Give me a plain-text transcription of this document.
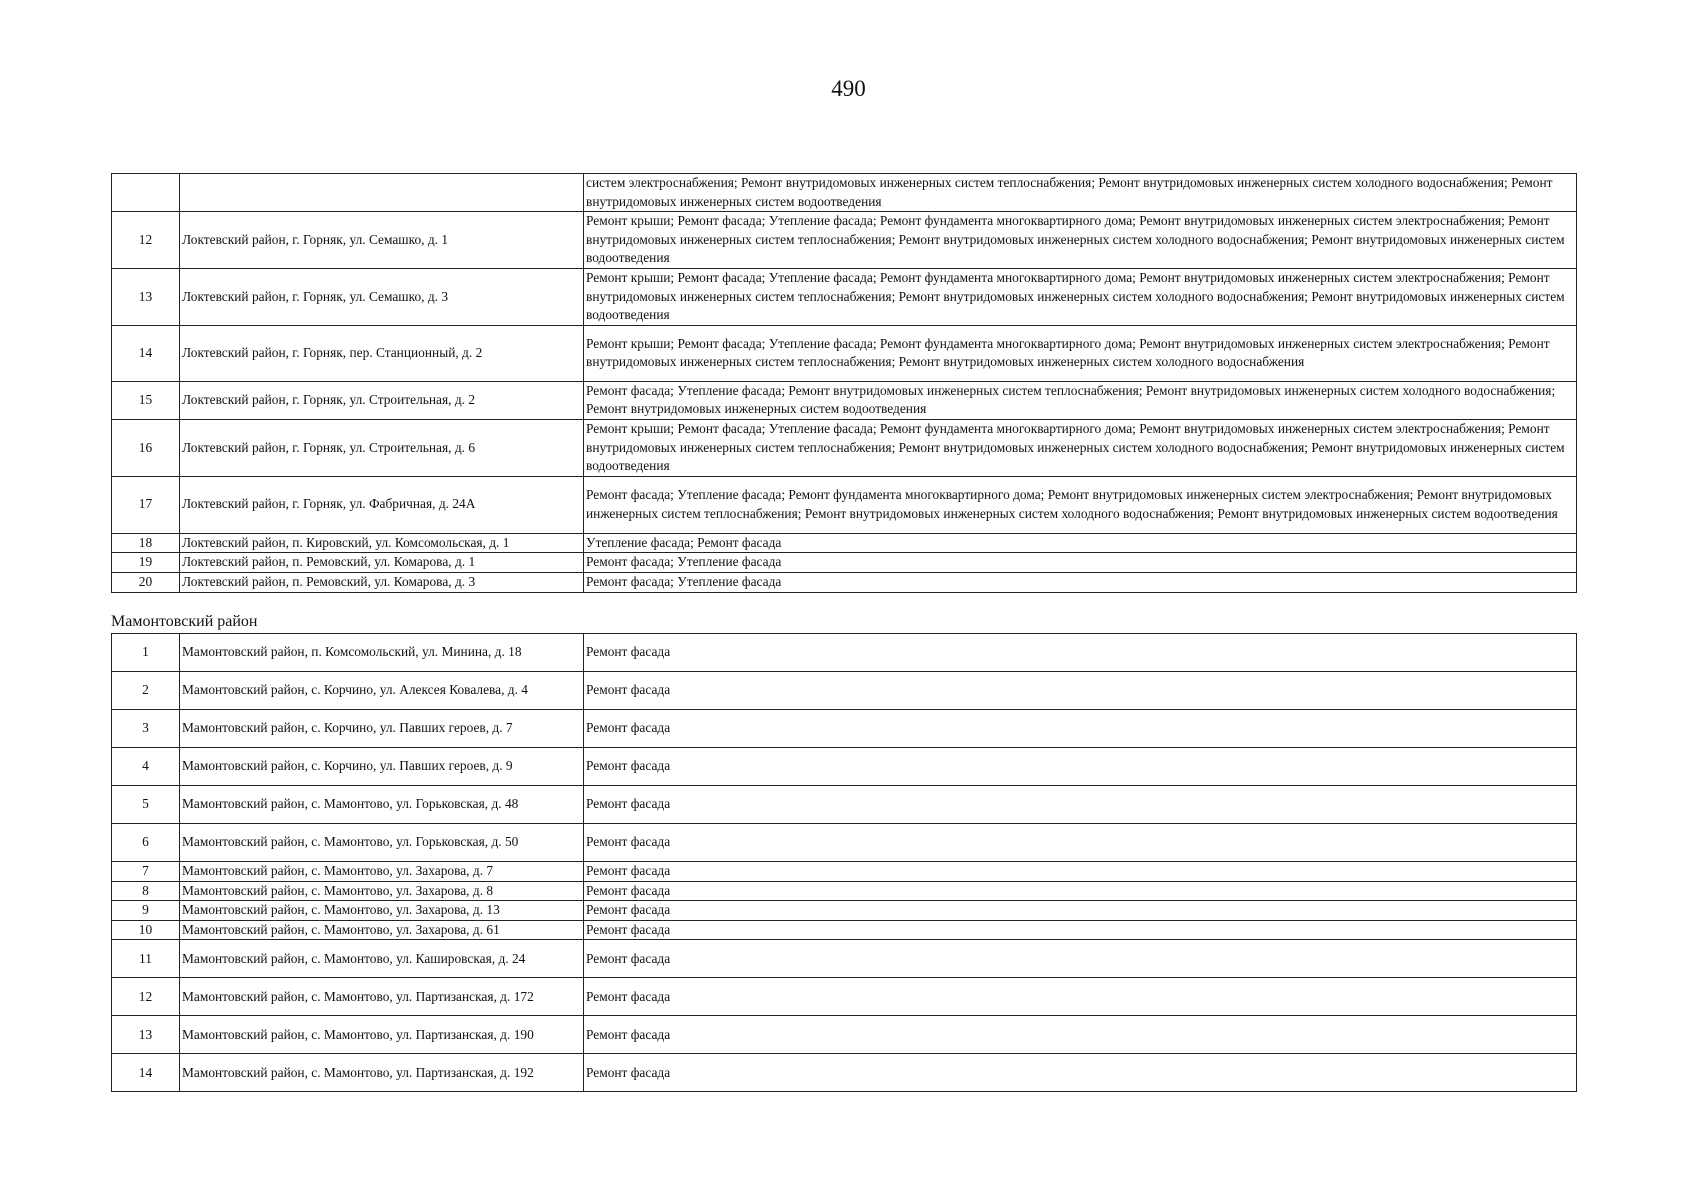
490
		систем электроснабжения; Ремонт внутридомовых инженерных систем теплоснабжения; Ремонт внутридомовых инженерных систем холодного водоснабжения; Ремонт внутридомовых инженерных систем водоотведения
12	Локтевский район, г. Горняк, ул. Семашко, д. 1	Ремонт крыши; Ремонт фасада; Утепление фасада; Ремонт фундамента многоквартирного дома; Ремонт внутридомовых инженерных систем электроснабжения; Ремонт внутридомовых инженерных систем теплоснабжения; Ремонт внутридомовых инженерных систем холодного водоснабжения; Ремонт внутридомовых инженерных систем водоотведения
13	Локтевский район, г. Горняк, ул. Семашко, д. 3	Ремонт крыши; Ремонт фасада; Утепление фасада; Ремонт фундамента многоквартирного дома; Ремонт внутридомовых инженерных систем электроснабжения; Ремонт внутридомовых инженерных систем теплоснабжения; Ремонт внутридомовых инженерных систем холодного водоснабжения; Ремонт внутридомовых инженерных систем водоотведения
14	Локтевский район, г. Горняк, пер. Станционный, д. 2	Ремонт крыши; Ремонт фасада; Утепление фасада; Ремонт фундамента многоквартирного дома; Ремонт внутридомовых инженерных систем электроснабжения; Ремонт внутридомовых инженерных систем теплоснабжения; Ремонт внутридомовых инженерных систем холодного водоснабжения
15	Локтевский район, г. Горняк, ул. Строительная, д. 2	Ремонт фасада; Утепление фасада; Ремонт внутридомовых инженерных систем теплоснабжения; Ремонт внутридомовых инженерных систем холодного водоснабжения; Ремонт внутридомовых инженерных систем водоотведения
16	Локтевский район, г. Горняк, ул. Строительная, д. 6	Ремонт крыши; Ремонт фасада; Утепление фасада; Ремонт фундамента многоквартирного дома; Ремонт внутридомовых инженерных систем электроснабжения; Ремонт внутридомовых инженерных систем теплоснабжения; Ремонт внутридомовых инженерных систем холодного водоснабжения; Ремонт внутридомовых инженерных систем водоотведения
17	Локтевский район, г. Горняк, ул. Фабричная, д. 24А	Ремонт фасада; Утепление фасада; Ремонт фундамента многоквартирного дома; Ремонт внутридомовых инженерных систем электроснабжения; Ремонт внутридомовых инженерных систем теплоснабжения; Ремонт внутридомовых инженерных систем холодного водоснабжения; Ремонт внутридомовых инженерных систем водоотведения
18	Локтевский район, п. Кировский, ул. Комсомольская, д. 1	Утепление фасада; Ремонт фасада
19	Локтевский район, п. Ремовский, ул. Комарова, д. 1	Ремонт фасада; Утепление фасада
20	Локтевский район, п. Ремовский, ул. Комарова, д. 3	Ремонт фасада; Утепление фасада
Мамонтовский район
1	Мамонтовский район, п. Комсомольский, ул. Минина, д. 18	Ремонт фасада
2	Мамонтовский район, с. Корчино, ул. Алексея Ковалева, д. 4	Ремонт фасада
3	Мамонтовский район, с. Корчино, ул. Павших героев, д. 7	Ремонт фасада
4	Мамонтовский район, с. Корчино, ул. Павших героев, д. 9	Ремонт фасада
5	Мамонтовский район, с. Мамонтово, ул. Горьковская, д. 48	Ремонт фасада
6	Мамонтовский район, с. Мамонтово, ул. Горьковская, д. 50	Ремонт фасада
7	Мамонтовский район, с. Мамонтово, ул. Захарова, д. 7	Ремонт фасада
8	Мамонтовский район, с. Мамонтово, ул. Захарова, д. 8	Ремонт фасада
9	Мамонтовский район, с. Мамонтово, ул. Захарова, д. 13	Ремонт фасада
10	Мамонтовский район, с. Мамонтово, ул. Захарова, д. 61	Ремонт фасада
11	Мамонтовский район, с. Мамонтово, ул. Кашировская, д. 24	Ремонт фасада
12	Мамонтовский район, с. Мамонтово, ул. Партизанская, д. 172	Ремонт фасада
13	Мамонтовский район, с. Мамонтово, ул. Партизанская, д. 190	Ремонт фасада
14	Мамонтовский район, с. Мамонтово, ул. Партизанская, д. 192	Ремонт фасада
